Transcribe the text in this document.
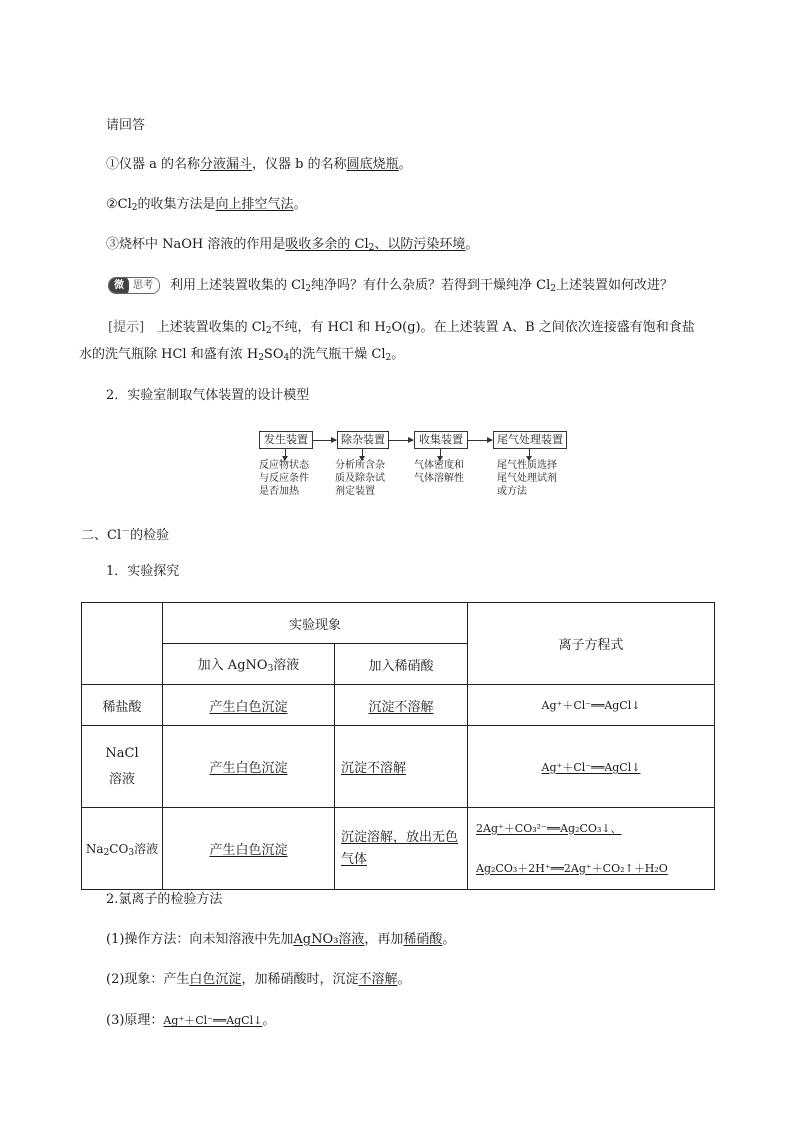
请回答
①仪器 a 的名称分液漏斗，仪器 b 的名称圆底烧瓶。
$②Cl_2$的收集方法是向上排空气法。
③烧杯中 NaOH 溶液的作用是吸收多余的 $Cl_2$、以防污染环境。
微 思考	利用上述装置收集的 $Cl_2$纯净吗？有什么杂质？若得到干燥纯净 $Cl_2$上述装置如何改进？
[提示] 上述装置收集的 $Cl_2$不纯，有 HCl 和 $H_2O(g)$。在上述装置 A、B 之间依次连接盛有饱和食盐
水的洗气瓶除 HCl 和盛有浓 $H_2SO_4$的洗气瓶干燥 $Cl_2$。
2．实验室制取气体装置的设计模型
发生装置	除杂装置	收集装置	尾气处理装置
反应物状态
与反应条件
是否加热
分析所含杂
质及除杂试
剂定装置
气体密度和
气体溶解性
尾气性质选择
尾气处理试剂
或方法
二、Cl－的检验
1．实验探究
	实验现象		离子方程式
	加入 AgNO$_3$溶液	加入稀硝酸	
稀盐酸	产生白色沉淀	沉淀不溶解	Ag⁺＋Cl⁻══AgCl↓

NaCl
溶液	产生白色沉淀	沉淀不溶解	Ag⁺＋Cl⁻══AgCl↓
$Na_2CO_3$溶液	产生白色沉淀	沉淀溶解，放出无色
气体	2Ag⁺＋CO₃²⁻══Ag₂CO₃↓、
Ag₂CO₃＋2H⁺══2Ag⁺＋CO₂↑＋H₂O
2.氯离子的检验方法
(1)操作方法：向未知溶液中先加AgNO₃溶液，再加稀硝酸。
(2)现象：产生白色沉淀，加稀硝酸时，沉淀不溶解。
(3)原理：Ag⁺＋Cl⁻══AgCl↓。
